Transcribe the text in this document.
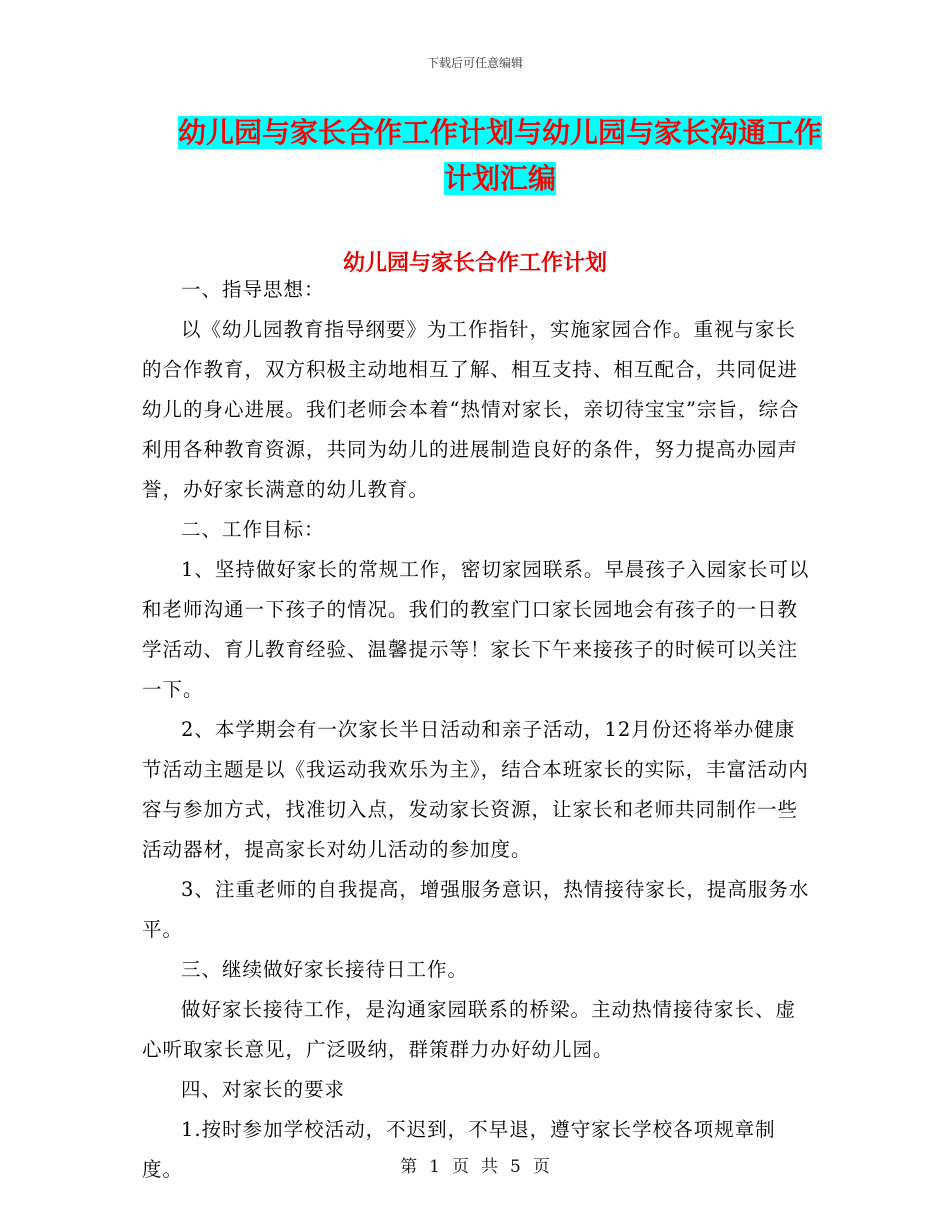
下载后可任意编辑
幼儿园与家长合作工作计划与幼儿园与家长沟通工作
计划汇编
幼儿园与家长合作工作计划

一、指导思想：

以《幼儿园教育指导纲要》为工作指针，实施家园合作。重视与家长的合作教育，双方积极主动地相互了解、相互支持、相互配合，共同促进幼儿的身心进展。我们老师会本着“热情对家长，亲切待宝宝”宗旨，综合利用各种教育资源，共同为幼儿的进展制造良好的条件，努力提高办园声誉，办好家长满意的幼儿教育。

二、工作目标：

1、坚持做好家长的常规工作，密切家园联系。早晨孩子入园家长可以和老师沟通一下孩子的情况。我们的教室门口家长园地会有孩子的一日教学活动、育儿教育经验、温馨提示等！家长下午来接孩子的时候可以关注一下。

2、本学期会有一次家长半日活动和亲子活动，12月份还将举办健康节活动主题是以《我运动我欢乐为主》，结合本班家长的实际，丰富活动内容与参加方式，找准切入点，发动家长资源，让家长和老师共同制作一些活动器材，提高家长对幼儿活动的参加度。

3、注重老师的自我提高，增强服务意识，热情接待家长，提高服务水平。

三、继续做好家长接待日工作。

做好家长接待工作，是沟通家园联系的桥梁。主动热情接待家长、虚心听取家长意见，广泛吸纳，群策群力办好幼儿园。

四、对家长的要求

1.按时参加学校活动，不迟到，不早退，遵守家长学校各项规章制度。	第 1 页 共 5 页
